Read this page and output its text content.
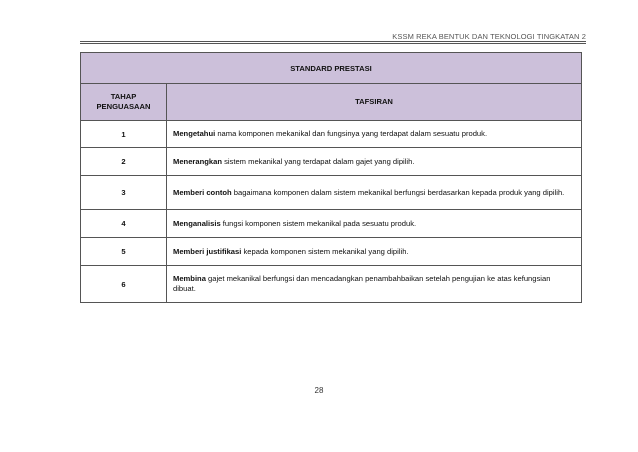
KSSM REKA BENTUK DAN TEKNOLOGI TINGKATAN 2
STANDARD PRESTASI	
TAHAP PENGUASAAN	TAFSIRAN
1	Mengetahui nama komponen mekanikal dan fungsinya yang terdapat dalam sesuatu produk.
2	Menerangkan sistem mekanikal yang terdapat dalam gajet yang dipilih.
3	Memberi contoh bagaimana komponen dalam sistem mekanikal berfungsi berdasarkan kepada produk yang dipilih.
4	Menganalisis fungsi komponen sistem mekanikal pada sesuatu produk.
5	Memberi justifikasi kepada komponen sistem mekanikal yang dipilih.
6	Membina gajet mekanikal berfungsi dan mencadangkan penambahbaikan setelah pengujian ke atas kefungsian dibuat.
28
